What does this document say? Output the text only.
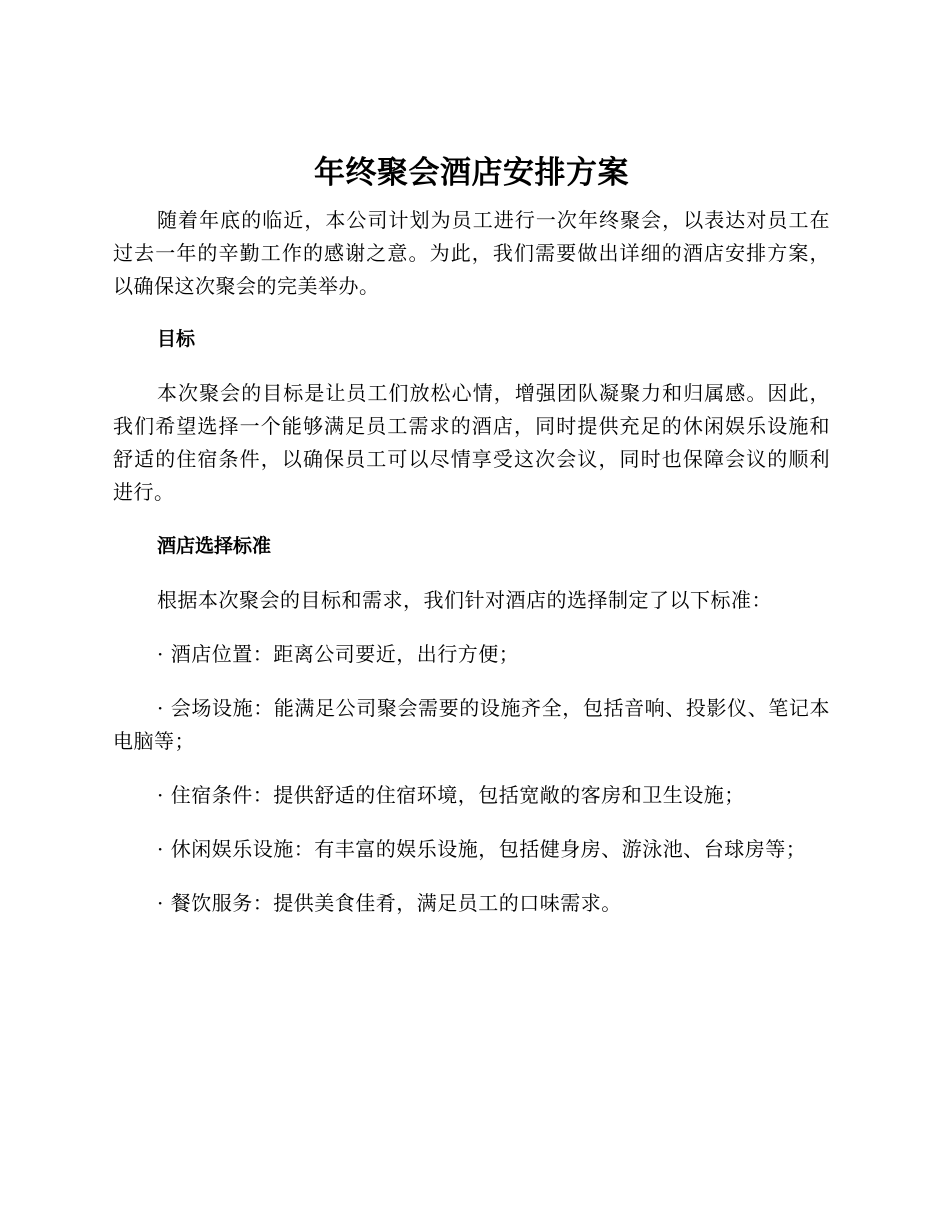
年终聚会酒店安排方案

随着年底的临近，本公司计划为员工进行一次年终聚会，以表达对员工在过去一年的辛勤工作的感谢之意。为此，我们需要做出详细的酒店安排方案，以确保这次聚会的完美举办。

目标

本次聚会的目标是让员工们放松心情，增强团队凝聚力和归属感。因此，我们希望选择一个能够满足员工需求的酒店，同时提供充足的休闲娱乐设施和舒适的住宿条件，以确保员工可以尽情享受这次会议，同时也保障会议的顺利进行。

酒店选择标准

根据本次聚会的目标和需求，我们针对酒店的选择制定了以下标准：

· 酒店位置：距离公司要近，出行方便；

· 会场设施：能满足公司聚会需要的设施齐全，包括音响、投影仪、笔记本电脑等；

· 住宿条件：提供舒适的住宿环境，包括宽敞的客房和卫生设施；

· 休闲娱乐设施：有丰富的娱乐设施，包括健身房、游泳池、台球房等；

· 餐饮服务：提供美食佳肴，满足员工的口味需求。
